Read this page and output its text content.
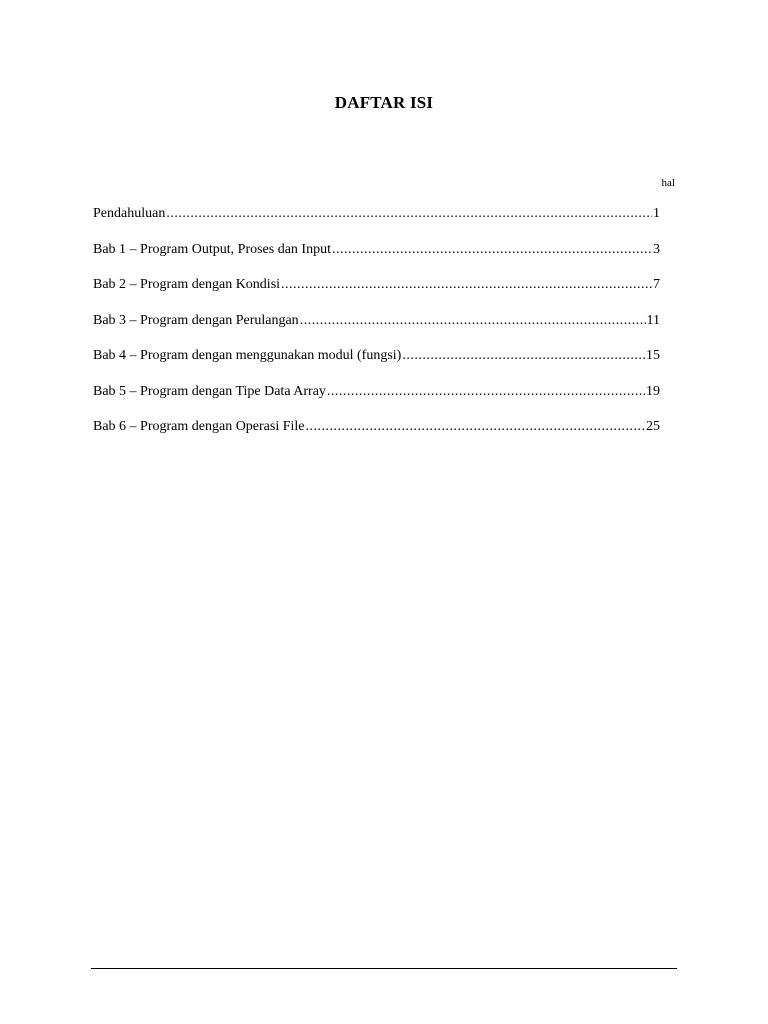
DAFTAR ISI
hal
Pendahuluan .....	1
Bab 1 – Program Output, Proses dan Input .....	3
Bab 2 – Program dengan Kondisi .....	7
Bab 3 – Program dengan Perulangan .....	11
Bab 4 – Program dengan menggunakan modul (fungsi) .....	15
Bab 5 – Program dengan Tipe Data Array .....	19
Bab 6 – Program dengan Operasi File .....	25
